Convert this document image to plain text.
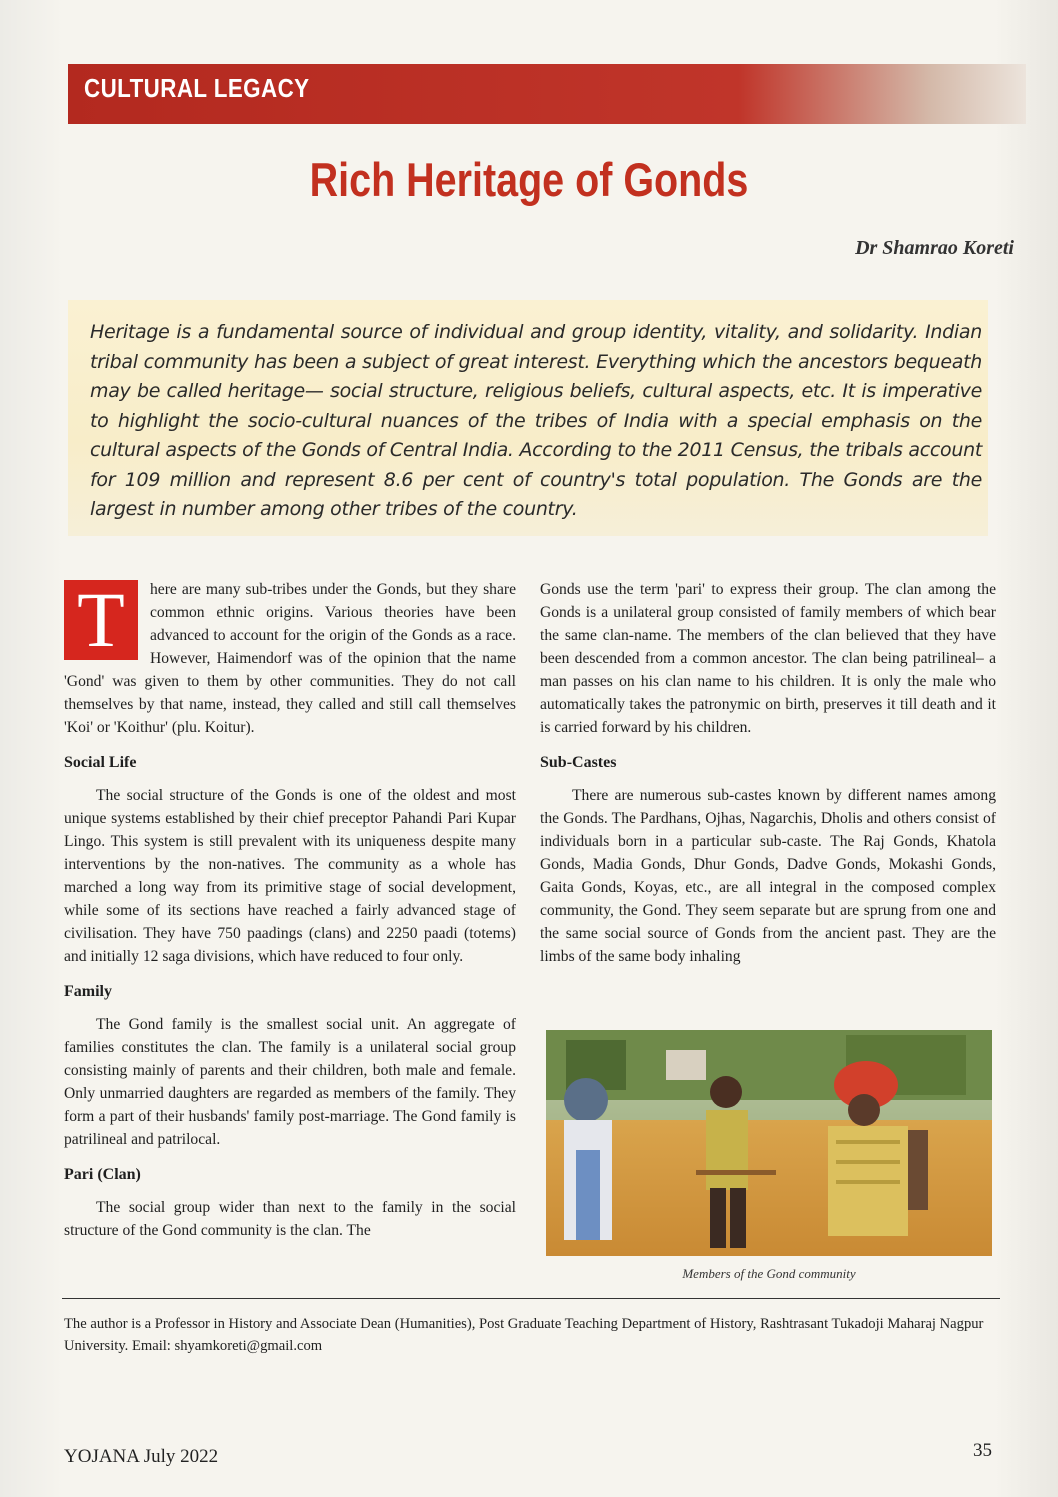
CULTURAL LEGACY
Rich Heritage of Gonds
Dr Shamrao Koreti

Heritage is a fundamental source of individual and group identity, vitality, and solidarity. Indian tribal community has been a subject of great interest. Everything which the ancestors bequeath may be called heritage— social structure, religious beliefs, cultural aspects, etc. It is imperative to highlight the socio-cultural nuances of the tribes of India with a special emphasis on the cultural aspects of the Gonds of Central India. According to the 2011 Census, the tribals account for 109 million and represent 8.6 per cent of country's total population. The Gonds are the largest in number among other tribes of the country.

T	here are many sub-tribes under the Gonds, but they share common ethnic origins. Various theories have been advanced to account for the origin of the Gonds as a race. However, Haimendorf was of the opinion that the name 'Gond' was given to them by other communities. They do not call themselves by that name, instead, they called and still call themselves 'Koi' or 'Koithur' (plu. Koitur).

Social Life

The social structure of the Gonds is one of the oldest and most unique systems established by their chief preceptor Pahandi Pari Kupar Lingo. This system is still prevalent with its uniqueness despite many interventions by the non-natives. The community as a whole has marched a long way from its primitive stage of social development, while some of its sections have reached a fairly advanced stage of civilisation. They have 750 paadings (clans) and 2250 paadi (totems) and initially 12 saga divisions, which have reduced to four only.

Family

The Gond family is the smallest social unit. An aggregate of families constitutes the clan. The family is a unilateral social group consisting mainly of parents and their children, both male and female. Only unmarried daughters are regarded as members of the family. They form a part of their husbands' family post-marriage. The Gond family is patrilineal and patrilocal.

Pari (Clan)

The social group wider than next to the family in the social structure of the Gond community is the clan. The

Gonds use the term 'pari' to express their group. The clan among the Gonds is a unilateral group consisted of family members of which bear the same clan-name. The members of the clan believed that they have been descended from a common ancestor. The clan being patrilineal– a man passes on his clan name to his children. It is only the male who automatically takes the patronymic on birth, preserves it till death and it is carried forward by his children.

Sub-Castes

There are numerous sub-castes known by different names among the Gonds. The Pardhans, Ojhas, Nagarchis, Dholis and others consist of individuals born in a particular sub-caste. The Raj Gonds, Khatola Gonds, Madia Gonds, Dhur Gonds, Dadve Gonds, Mokashi Gonds, Gaita Gonds, Koyas, etc., are all integral in the composed complex community, the Gond. They seem separate but are sprung from one and the same social source of Gonds from the ancient past. They are the limbs of the same body inhaling

Members of the Gond community

The author is a Professor in History and Associate Dean (Humanities), Post Graduate Teaching Department of History, Rashtrasant Tukadoji Maharaj Nagpur University. Email: shyamkoreti@gmail.com

YOJANA July 2022	35
